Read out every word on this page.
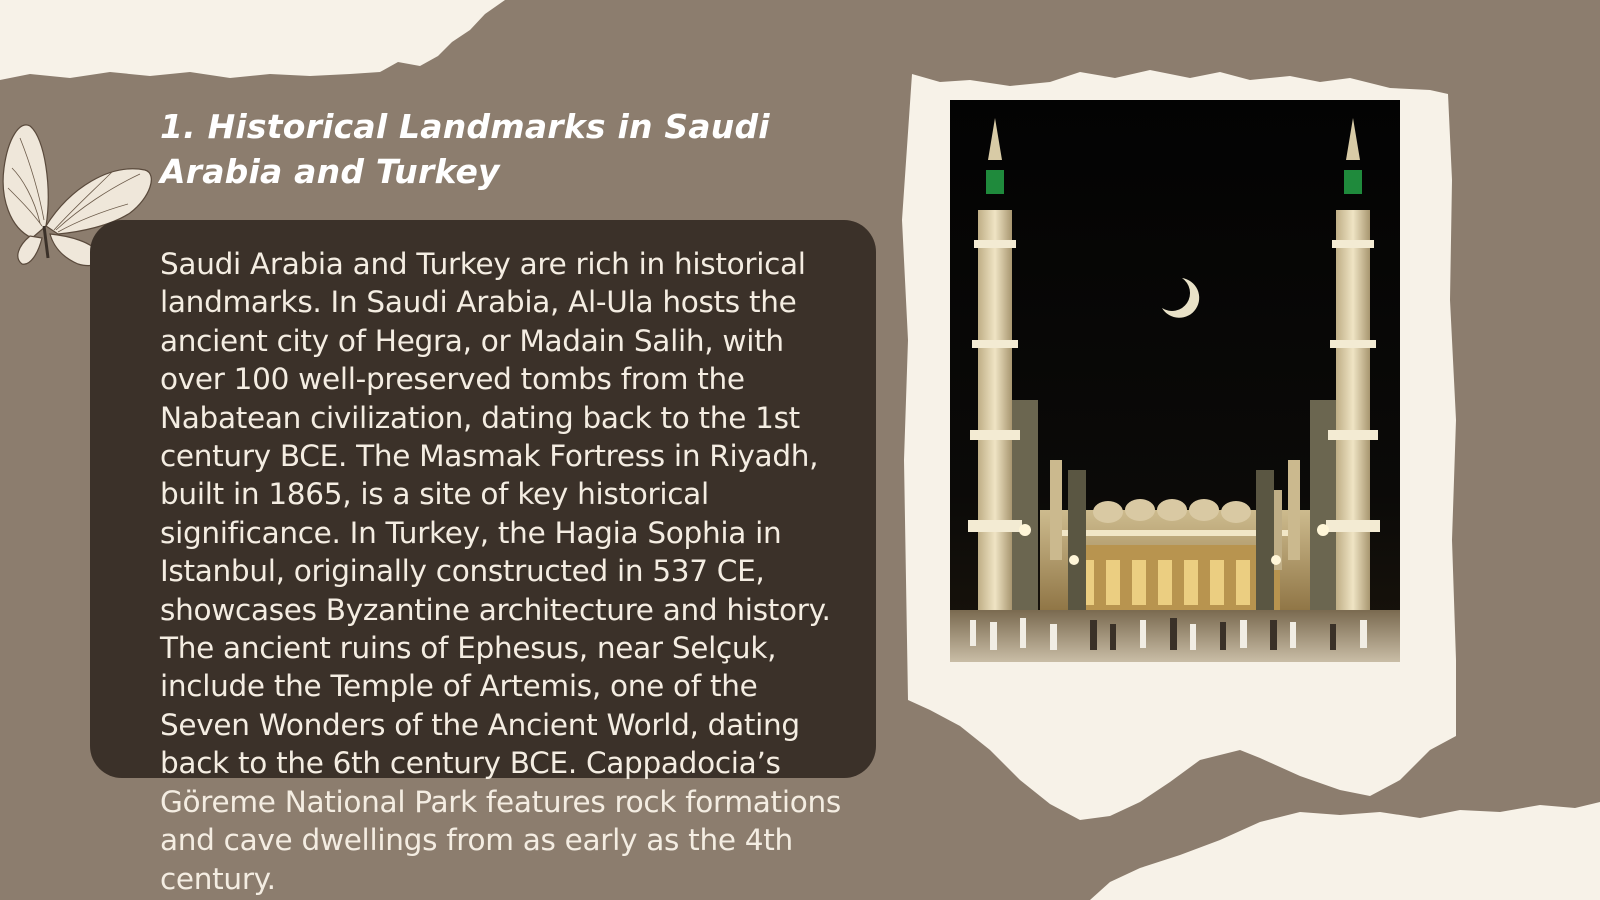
1. Historical Landmarks in Saudi Arabia and Turkey

Saudi Arabia and Turkey are rich in historical landmarks. In Saudi Arabia, Al-Ula hosts the ancient city of Hegra, or Madain Salih, with over 100 well-preserved tombs from the Nabatean civilization, dating back to the 1st century BCE. The Masmak Fortress in Riyadh, built in 1865, is a site of key historical significance. In Turkey, the Hagia Sophia in Istanbul, originally constructed in 537 CE, showcases Byzantine architecture and history. The ancient ruins of Ephesus, near Selçuk, include the Temple of Artemis, one of the Seven Wonders of the Ancient World, dating back to the 6th century BCE. Cappadocia’s Göreme National Park features rock formations and cave dwellings from as early as the 4th century.
